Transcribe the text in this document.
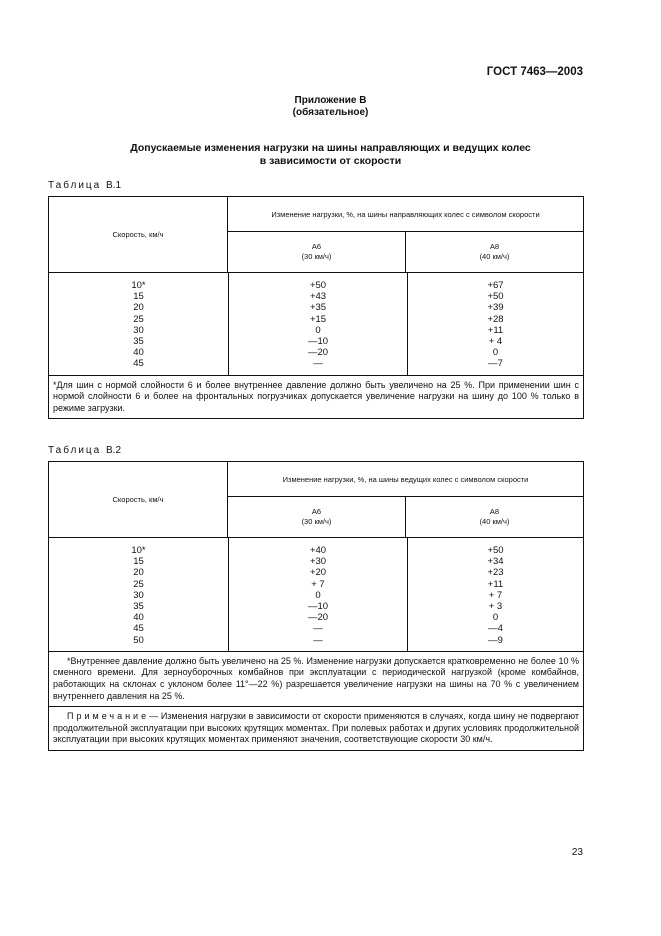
ГОСТ 7463—2003
Приложение В
(обязательное)
Допускаемые изменения нагрузки на шины направляющих и ведущих колес
в зависимости от скорости
Таблица В.1
Скорость, км/ч
Изменение нагрузки, %, на шины направляющих колес с символом скорости
А6
(30 км/ч)
А8
(40 км/ч)
10*
15
20
25
30
35
40
45
+50
+43
+35
+15
0
—10
—20
—
+67
+50
+39
+28
+11
+ 4
0
—7
*Для шин с нормой слойности 6 и более внутреннее давление должно быть увеличено на 25 %. При применении шин с нормой слойности 6 и более на фронтальных погрузчиках допускается увеличение нагрузки на шину до 100 % только в режиме загрузки.
Таблица В.2
Скорость, км/ч
Изменение нагрузки, %, на шины ведущих колес с символом скорости
А6
(30 км/ч)
А8
(40 км/ч)
10*
15
20
25
30
35
40
45
50
+40
+30
+20
+ 7
0
—10
—20
—
—
+50
+34
+23
+11
+ 7
+ 3
0
—4
—9
*Внутреннее давление должно быть увеличено на 25 %. Изменение нагрузки допускается кратковременно не более 10 % сменного времени. Для зерноуборочных комбайнов при эксплуатации с периодической нагрузкой (кроме комбайнов, работающих на склонах с уклоном более 11°—22 %) разрешается увеличение нагрузки на шины на 70 % с увеличением внутреннего давления на 25 %.
Примечание— Изменения нагрузки в зависимости от скорости применяются в случаях, когда шину не подвергают продолжительной эксплуатации при высоких крутящих моментах. При полевых работах и других условиях продолжительной эксплуатации при высоких крутящих моментах применяют значения, соответствующие скорости 30 км/ч.
23
